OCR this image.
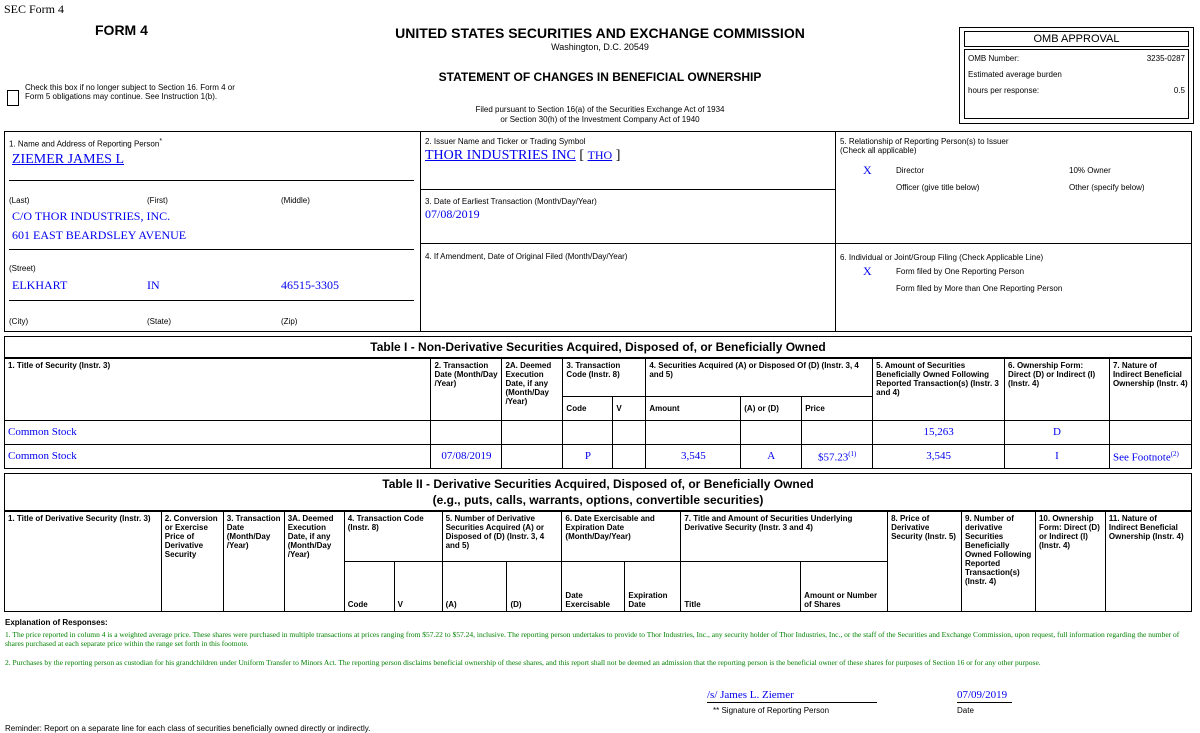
SEC Form 4
FORM 4	UNITED STATES SECURITIES AND EXCHANGE COMMISSION
Washington, D.C. 20549
STATEMENT OF CHANGES IN BENEFICIAL OWNERSHIP
Filed pursuant to Section 16(a) of the Securities Exchange Act of 1934
or Section 30(h) of the Investment Company Act of 1940
Check this box if no longer subject to Section 16. Form 4 or Form 5 obligations may continue. See Instruction 1(b).
OMB APPROVAL
OMB Number:	3235-0287
Estimated average burden
hours per response:	0.5
1. Name and Address of Reporting Person*
ZIEMER JAMES L
(Last)	(First)	(Middle)
C/O THOR INDUSTRIES, INC.
601 EAST BEARDSLEY AVENUE
(Street)
ELKHART	IN	46515-3305
(City)	(State)	(Zip)
2. Issuer Name and Ticker or Trading Symbol
THOR INDUSTRIES INC [ THO ]
3. Date of Earliest Transaction (Month/Day/Year)
07/08/2019
4. If Amendment, Date of Original Filed (Month/Day/Year)
5. Relationship of Reporting Person(s) to Issuer
(Check all applicable)
X	Director	10% Owner
Officer (give title below)	Other (specify below)
6. Individual or Joint/Group Filing (Check Applicable Line)
X	Form filed by One Reporting Person
Form filed by More than One Reporting Person
Table I - Non-Derivative Securities Acquired, Disposed of, or Beneficially Owned
1. Title of Security (Instr. 3)	2. Transaction Date (Month/Day /Year)	2A. Deemed Execution Date, if any (Month/Day /Year)	3. Transaction Code (Instr. 8)		4. Securities Acquired (A) or Disposed Of (D) (Instr. 3, 4 and 5)			5. Amount of Securities Beneficially Owned Following Reported Transaction(s) (Instr. 3 and 4)	6. Ownership Form: Direct (D) or Indirect (I) (Instr. 4)	7. Nature of Indirect Beneficial Ownership (Instr. 4)
			Code	V	Amount	(A) or (D)	Price			
Common Stock								15,263	D	
Common Stock	07/08/2019		P		3,545	A	$57.23$^{(1)}$	3,545	I	See Footnote$^{(2)}$
Table II - Derivative Securities Acquired, Disposed of, or Beneficially Owned
(e.g., puts, calls, warrants, options, convertible securities)
1. Title of Derivative Security (Instr. 3)	2. Conversion or Exercise Price of Derivative Security	3. Transaction Date (Month/Day /Year)	3A. Deemed Execution Date, if any (Month/Day /Year)	4. Transaction Code (Instr. 8)		5. Number of Derivative Securities Acquired (A) or Disposed of (D) (Instr. 3, 4 and 5)		6. Date Exercisable and Expiration Date (Month/Day/Year)		7. Title and Amount of Securities Underlying Derivative Security (Instr. 3 and 4)		8. Price of Derivative Security (Instr. 5)	9. Number of derivative Securities Beneficially Owned Following Reported Transaction(s) (Instr. 4)	10. Ownership Form: Direct (D) or Indirect (I) (Instr. 4)	11. Nature of Indirect Beneficial Ownership (Instr. 4)
				Code	V	(A)	(D)	Date Exercisable	Expiration Date	Title	Amount or Number of Shares				
Explanation of Responses:
1. The price reported in column 4 is a weighted average price. These shares were purchased in multiple transactions at prices ranging from $57.22 to $57.24, inclusive. The reporting person undertakes to provide to Thor Industries, Inc., any security holder of Thor Industries, Inc., or the staff of the Securities and Exchange Commission, upon request, full information regarding the number of shares purchased at each separate price within the range set forth in this footnote.
2. Purchases by the reporting person as custodian for his grandchildren under Uniform Transfer to Minors Act. The reporting person disclaims beneficial ownership of these shares, and this report shall not be deemed an admission that the reporting person is the beneficial owner of these shares for purposes of Section 16 or for any other purpose.
/s/ James L. Ziemer
** Signature of Reporting Person
07/09/2019
Date
Reminder: Report on a separate line for each class of securities beneficially owned directly or indirectly.
